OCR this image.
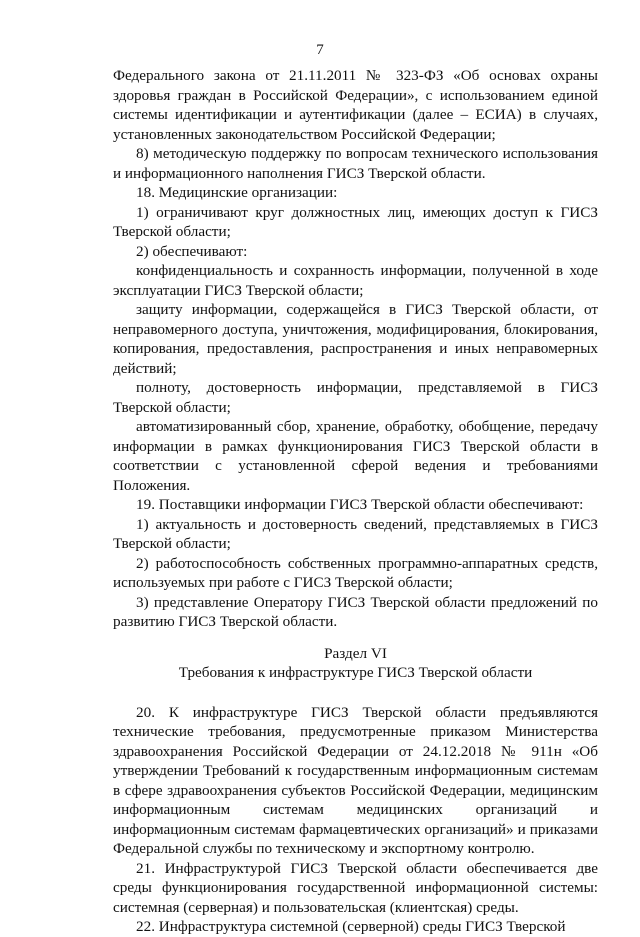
7

Федерального закона от 21.11.2011 № 323-ФЗ «Об основах охраны здоровья граждан в Российской Федерации», с использованием единой системы идентификации и аутентификации (далее – ЕСИА) в случаях, установленных законодательством Российской Федерации;

8) методическую поддержку по вопросам технического использования и информационного наполнения ГИСЗ Тверской области.

18. Медицинские организации:

1) ограничивают круг должностных лиц, имеющих доступ к ГИСЗ Тверской области;

2) обеспечивают:

конфиденциальность и сохранность информации, полученной в ходе эксплуатации ГИСЗ Тверской области;

защиту информации, содержащейся в ГИСЗ Тверской области, от неправомерного доступа, уничтожения, модифицирования, блокирования, копирования, предоставления, распространения и иных неправомерных действий;

полноту, достоверность информации, представляемой в ГИСЗ Тверской области;

автоматизированный сбор, хранение, обработку, обобщение, передачу информации в рамках функционирования ГИСЗ Тверской области в соответствии с установленной сферой ведения и требованиями Положения.

19. Поставщики информации ГИСЗ Тверской области обеспечивают:

1) актуальность и достоверность сведений, представляемых в ГИСЗ Тверской области;

2) работоспособность собственных программно-аппаратных средств, используемых при работе с ГИСЗ Тверской области;

3) представление Оператору ГИСЗ Тверской области предложений по развитию ГИСЗ Тверской области.

Раздел VI

Требования к инфраструктуре ГИСЗ Тверской области

20. К инфраструктуре ГИСЗ Тверской области предъявляются технические требования, предусмотренные приказом Министерства здравоохранения Российской Федерации от 24.12.2018 № 911н «Об утверждении Требований к государственным информационным системам в сфере здравоохранения субъектов Российской Федерации, медицинским информационным системам медицинских организаций и информационным системам фармацевтических организаций» и приказами Федеральной службы по техническому и экспортному контролю.

21. Инфраструктурой ГИСЗ Тверской области обеспечивается две среды функционирования государственной информационной системы: системная (серверная) и пользовательская (клиентская) среды.

22. Инфраструктура системной (серверной) среды ГИСЗ Тверской
